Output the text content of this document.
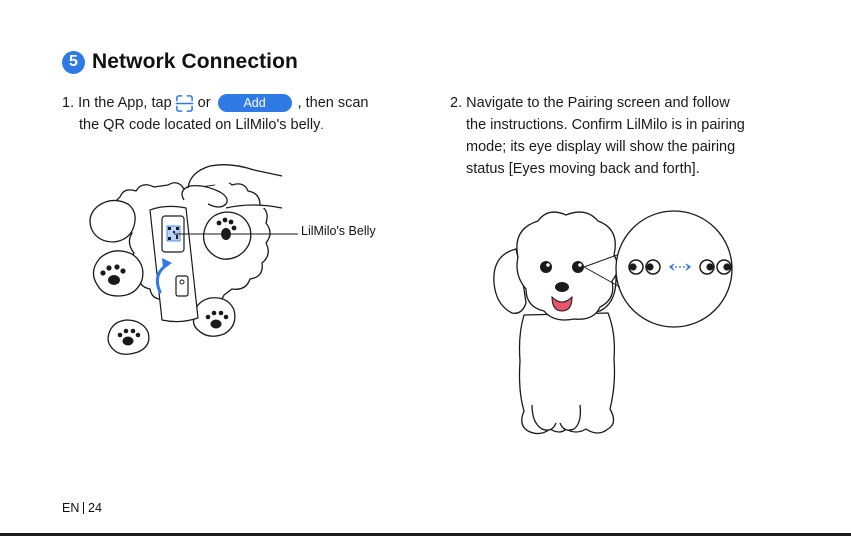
5 Network Connection
1. In the App, tap or	Add	, then scan
the QR code located on LilMilo's belly .
2. Navigate to the Pairing screen and follow
the instructions. Confirm LilMilo is in pairing
mode; its eye display will show the pairing
status [Eyes moving back and forth].
LilMilo's Belly
EN 24
